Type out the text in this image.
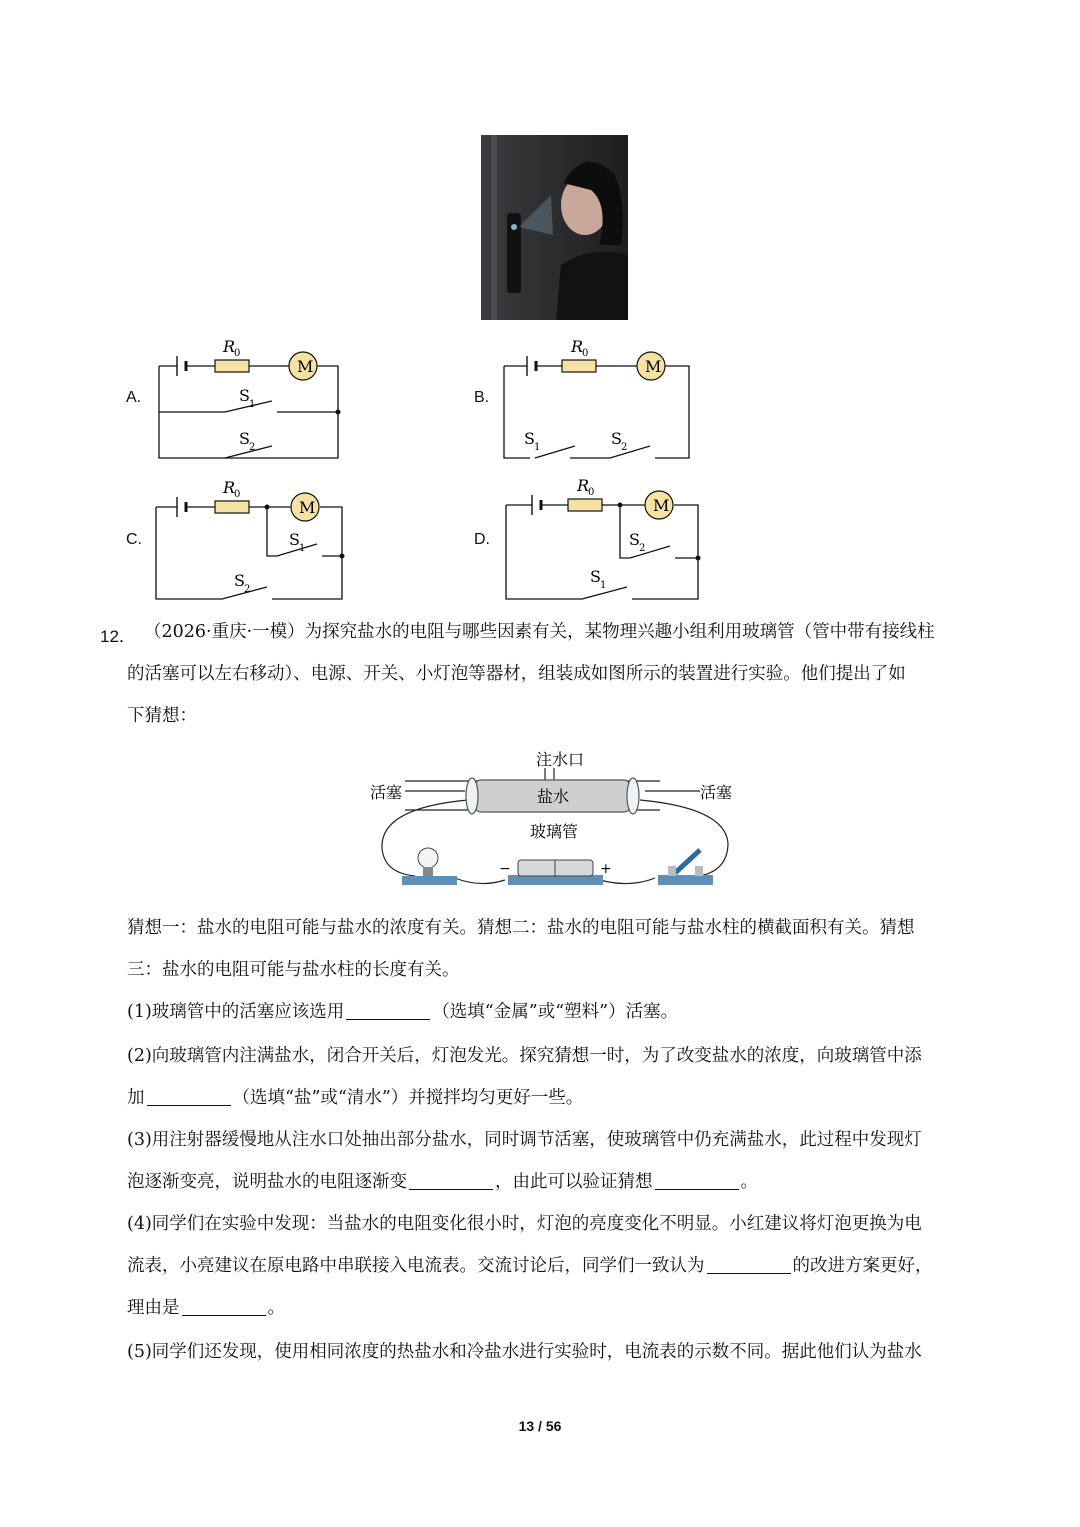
M
R
0
S 1
S 2
A.
M
R
0
S 1	S 2
B.
M
R
0
S 1
S 2
C.
M
R
0
S 2
S 1
D.
12． （2026·重庆·一模）为探究盐水的电阻与哪些因素有关，某物理兴趣小组利用玻璃管（管中带有接线柱
的活塞可以左右移动）、电源、开关、小灯泡等器材，组装成如图所示的装置进行实验。他们提出了如
下猜想：
注水口
活塞	活塞
盐水
玻璃管
−	+
猜想一：盐水的电阻可能与盐水的浓度有关。猜想二：盐水的电阻可能与盐水柱的横截面积有关。猜想
三：盐水的电阻可能与盐水柱的长度有关。
(1)玻璃管中的活塞应该选用	（选填“金属”或“塑料”）活塞。
(2)向玻璃管内注满盐水，闭合开关后，灯泡发光。探究猜想一时，为了改变盐水的浓度，向玻璃管中添
加	（选填“盐”或“清水”）并搅拌均匀更好一些。
(3)用注射器缓慢地从注水口处抽出部分盐水，同时调节活塞，使玻璃管中仍充满盐水，此过程中发现灯
泡逐渐变亮，说明盐水的电阻逐渐变	，由此可以验证猜想	。
(4)同学们在实验中发现：当盐水的电阻变化很小时，灯泡的亮度变化不明显。小红建议将灯泡更换为电
流表，小亮建议在原电路中串联接入电流表。交流讨论后，同学们一致认为	的改进方案更好，
理由是	。
(5)同学们还发现，使用相同浓度的热盐水和冷盐水进行实验时，电流表的示数不同。据此他们认为盐水
13 / 56
